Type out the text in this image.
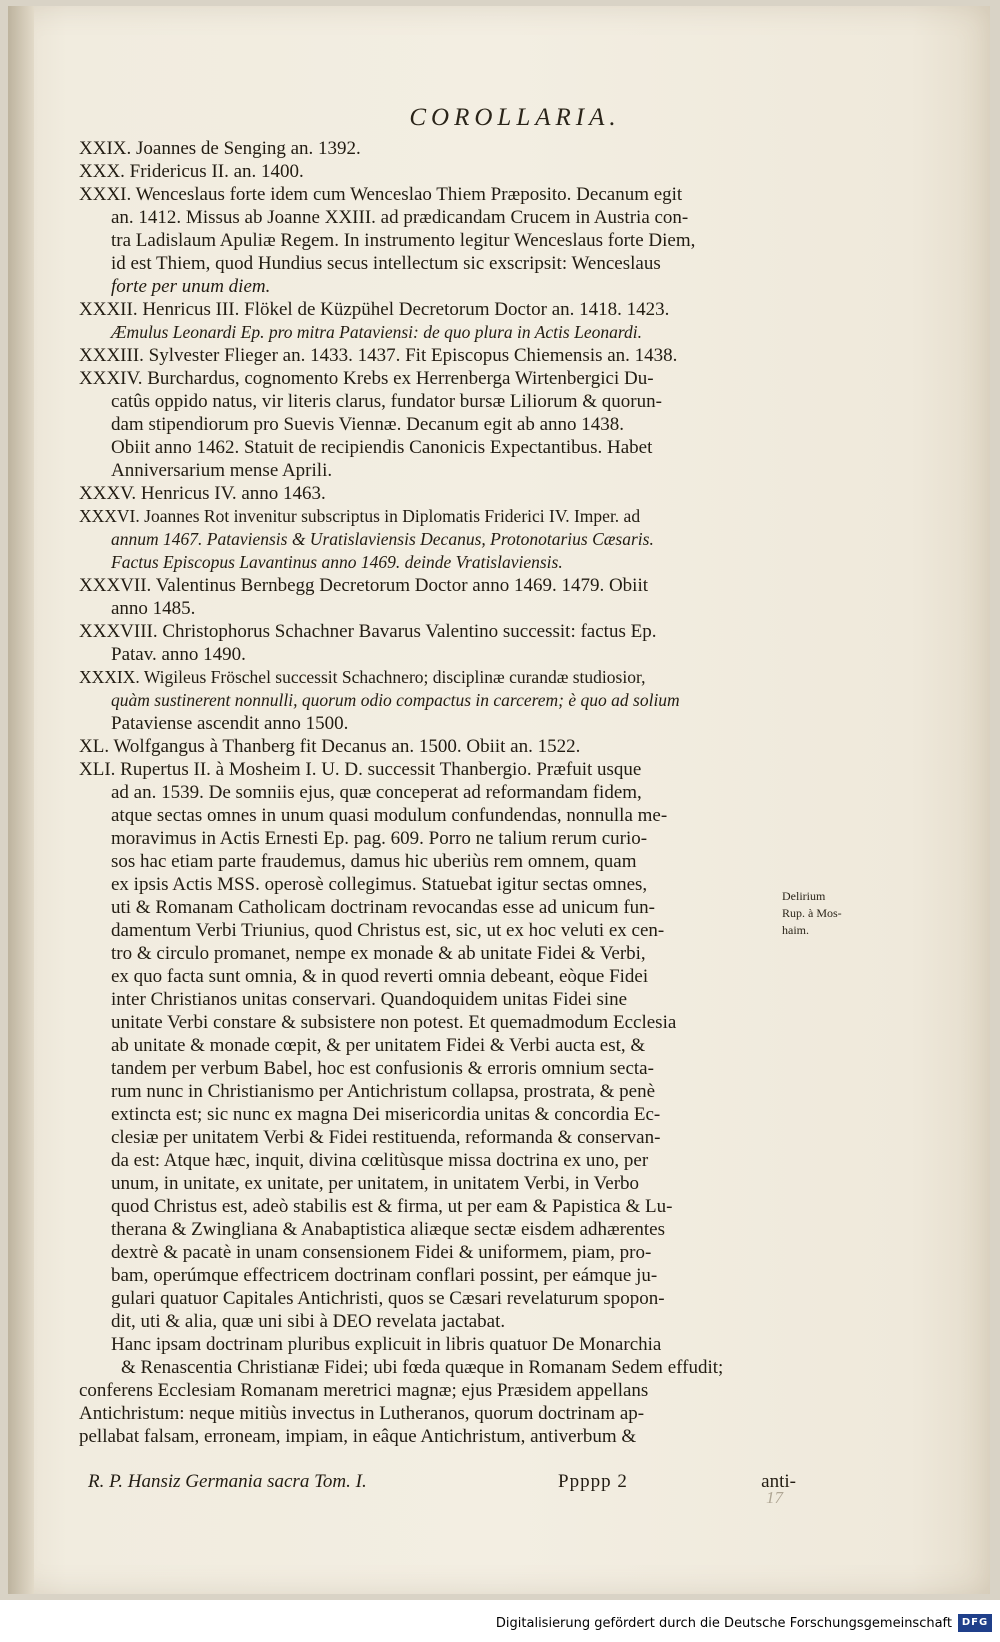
COROLLARIA.
XXIX. Joannes de Senging an. 1392.
XXX. Fridericus II. an. 1400.
XXXI. Wenceslaus forte idem cum Wenceslao Thiem Præposito. Decanum egit
an. 1412. Missus ab Joanne XXIII. ad prædicandam Crucem in Austria con-
tra Ladislaum Apuliæ Regem. In instrumento legitur Wenceslaus forte Diem,
id est Thiem, quod Hundius secus intellectum sic exscripsit: Wenceslaus
forte per unum diem.
XXXII. Henricus III. Flökel de Küzpühel Decretorum Doctor an. 1418. 1423.
Æmulus Leonardi Ep. pro mitra Pataviensi: de quo plura in Actis Leonardi.
XXXIII. Sylvester Flieger an. 1433. 1437. Fit Episcopus Chiemensis an. 1438.
XXXIV. Burchardus, cognomento Krebs ex Herrenberga Wirtenbergici Du-
catûs oppido natus, vir literis clarus, fundator bursæ Liliorum & quorun-
dam stipendiorum pro Suevis Viennæ. Decanum egit ab anno 1438.
Obiit anno 1462. Statuit de recipiendis Canonicis Expectantibus. Habet
Anniversarium mense Aprili.
XXXV. Henricus IV. anno 1463.
XXXVI. Joannes Rot invenitur subscriptus in Diplomatis Friderici IV. Imper. ad
annum 1467. Pataviensis & Uratislaviensis Decanus, Protonotarius Cæsaris.
Factus Episcopus Lavantinus anno 1469. deinde Vratislaviensis.
XXXVII. Valentinus Bernbegg Decretorum Doctor anno 1469. 1479. Obiit
anno 1485.
XXXVIII. Christophorus Schachner Bavarus Valentino successit: factus Ep.
Patav. anno 1490.
XXXIX. Wigileus Fröschel successit Schachnero; disciplinæ curandæ studiosior,
quàm sustinerent nonnulli, quorum odio compactus in carcerem; è quo ad solium
Pataviense ascendit anno 1500.
XL. Wolfgangus à Thanberg fit Decanus an. 1500. Obiit an. 1522.
XLI. Rupertus II. à Mosheim I. U. D. successit Thanbergio. Præfuit usque
ad an. 1539. De somniis ejus, quæ conceperat ad reformandam fidem,
atque sectas omnes in unum quasi modulum confundendas, nonnulla me-
moravimus in Actis Ernesti Ep. pag. 609. Porro ne talium rerum curio-
sos hac etiam parte fraudemus, damus hic uberiùs rem omnem, quam
ex ipsis Actis MSS. operosè collegimus. Statuebat igitur sectas omnes,
uti & Romanam Catholicam doctrinam revocandas esse ad unicum fun-
damentum Verbi Triunius, quod Christus est, sic, ut ex hoc veluti ex cen-
tro & circulo promanet, nempe ex monade & ab unitate Fidei & Verbi,
ex quo facta sunt omnia, & in quod reverti omnia debeant, eòque Fidei
inter Christianos unitas conservari. Quandoquidem unitas Fidei sine
unitate Verbi constare & subsistere non potest. Et quemadmodum Ecclesia
ab unitate & monade cœpit, & per unitatem Fidei & Verbi aucta est, &
tandem per verbum Babel, hoc est confusionis & erroris omnium secta-
rum nunc in Christianismo per Antichristum collapsa, prostrata, & penè
extincta est; sic nunc ex magna Dei misericordia unitas & concordia Ec-
clesiæ per unitatem Verbi & Fidei restituenda, reformanda & conservan-
da est: Atque hæc, inquit, divina cœlitùsque missa doctrina ex uno, per
unum, in unitate, ex unitate, per unitatem, in unitatem Verbi, in Verbo
quod Christus est, adeò stabilis est & firma, ut per eam & Papistica & Lu-
therana & Zwingliana & Anabaptistica aliæque sectæ eisdem adhærentes
dextrè & pacatè in unam consensionem Fidei & uniformem, piam, pro-
bam, operúmque effectricem doctrinam conflari possint, per eámque ju-
gulari quatuor Capitales Antichristi, quos se Cæsari revelaturum spopon-
dit, uti & alia, quæ uni sibi à DEO revelata jactabat.
Hanc ipsam doctrinam pluribus explicuit in libris quatuor De Monarchia
& Renascentia Christianæ Fidei; ubi fœda quæque in Romanam Sedem effudit;
conferens Ecclesiam Romanam meretrici magnæ; ejus Præsidem appellans
Antichristum: neque mitiùs invectus in Lutheranos, quorum doctrinam ap-
pellabat falsam, erroneam, impiam, in eâque Antichristum, antiverbum &
Delirium
Rup. à Mos-
haim.
R. P. Hansiz Germania sacra Tom. I.	Ppppp 2	anti-
17
Digitalisierung gefördert durch die Deutsche Forschungsgemeinschaft DFG
